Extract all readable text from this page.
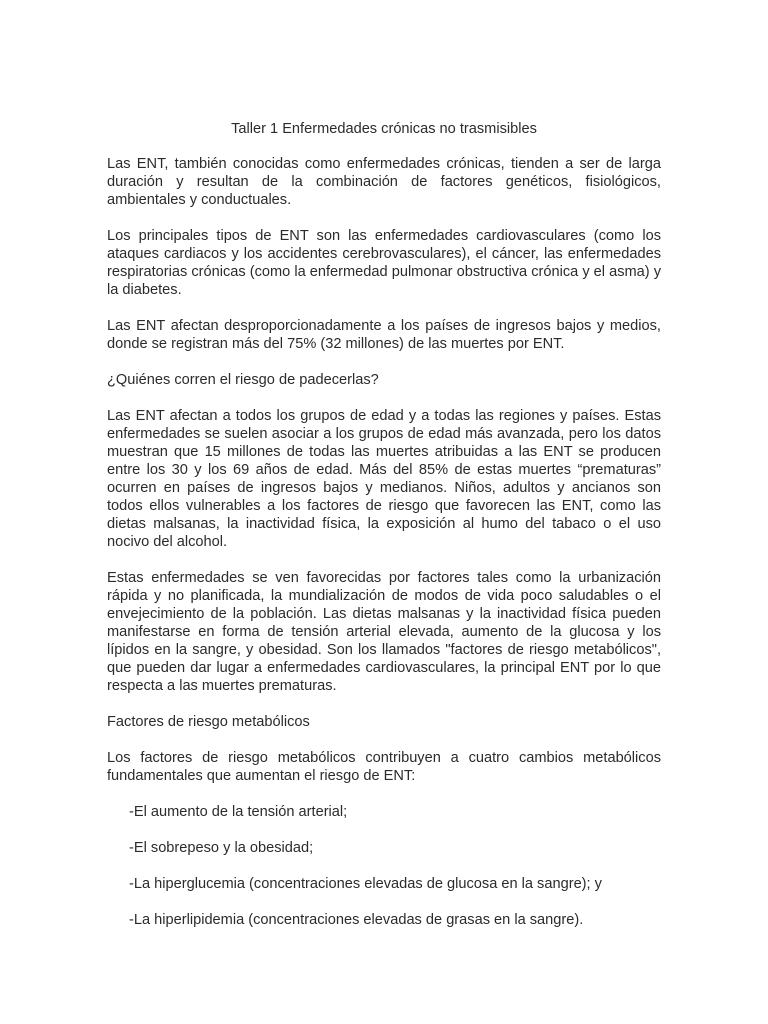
Taller 1 Enfermedades crónicas no trasmisibles

Las ENT, también conocidas como enfermedades crónicas, tienden a ser de larga duración y resultan de la combinación de factores genéticos, fisiológicos, ambientales y conductuales.

Los principales tipos de ENT son las enfermedades cardiovasculares (como los ataques cardiacos y los accidentes cerebrovasculares), el cáncer, las enfermedades respiratorias crónicas (como la enfermedad pulmonar obstructiva crónica y el asma) y la diabetes.

Las ENT afectan desproporcionadamente a los países de ingresos bajos y medios, donde se registran más del 75% (32 millones) de las muertes por ENT.

¿Quiénes corren el riesgo de padecerlas?

Las ENT afectan a todos los grupos de edad y a todas las regiones y países. Estas enfermedades se suelen asociar a los grupos de edad más avanzada, pero los datos muestran que 15 millones de todas las muertes atribuidas a las ENT se producen entre los 30 y los 69 años de edad. Más del 85% de estas muertes “prematuras” ocurren en países de ingresos bajos y medianos. Niños, adultos y ancianos son todos ellos vulnerables a los factores de riesgo que favorecen las ENT, como las dietas malsanas, la inactividad física, la exposición al humo del tabaco o el uso nocivo del alcohol.

Estas enfermedades se ven favorecidas por factores tales como la urbanización rápida y no planificada, la mundialización de modos de vida poco saludables o el envejecimiento de la población. Las dietas malsanas y la inactividad física pueden manifestarse en forma de tensión arterial elevada, aumento de la glucosa y los lípidos en la sangre, y obesidad. Son los llamados "factores de riesgo metabólicos", que pueden dar lugar a enfermedades cardiovasculares, la principal ENT por lo que respecta a las muertes prematuras.

Factores de riesgo metabólicos

Los factores de riesgo metabólicos contribuyen a cuatro cambios metabólicos fundamentales que aumentan el riesgo de ENT:

-El aumento de la tensión arterial;
-El sobrepeso y la obesidad;
-La hiperglucemia (concentraciones elevadas de glucosa en la sangre); y
-La hiperlipidemia (concentraciones elevadas de grasas en la sangre).
